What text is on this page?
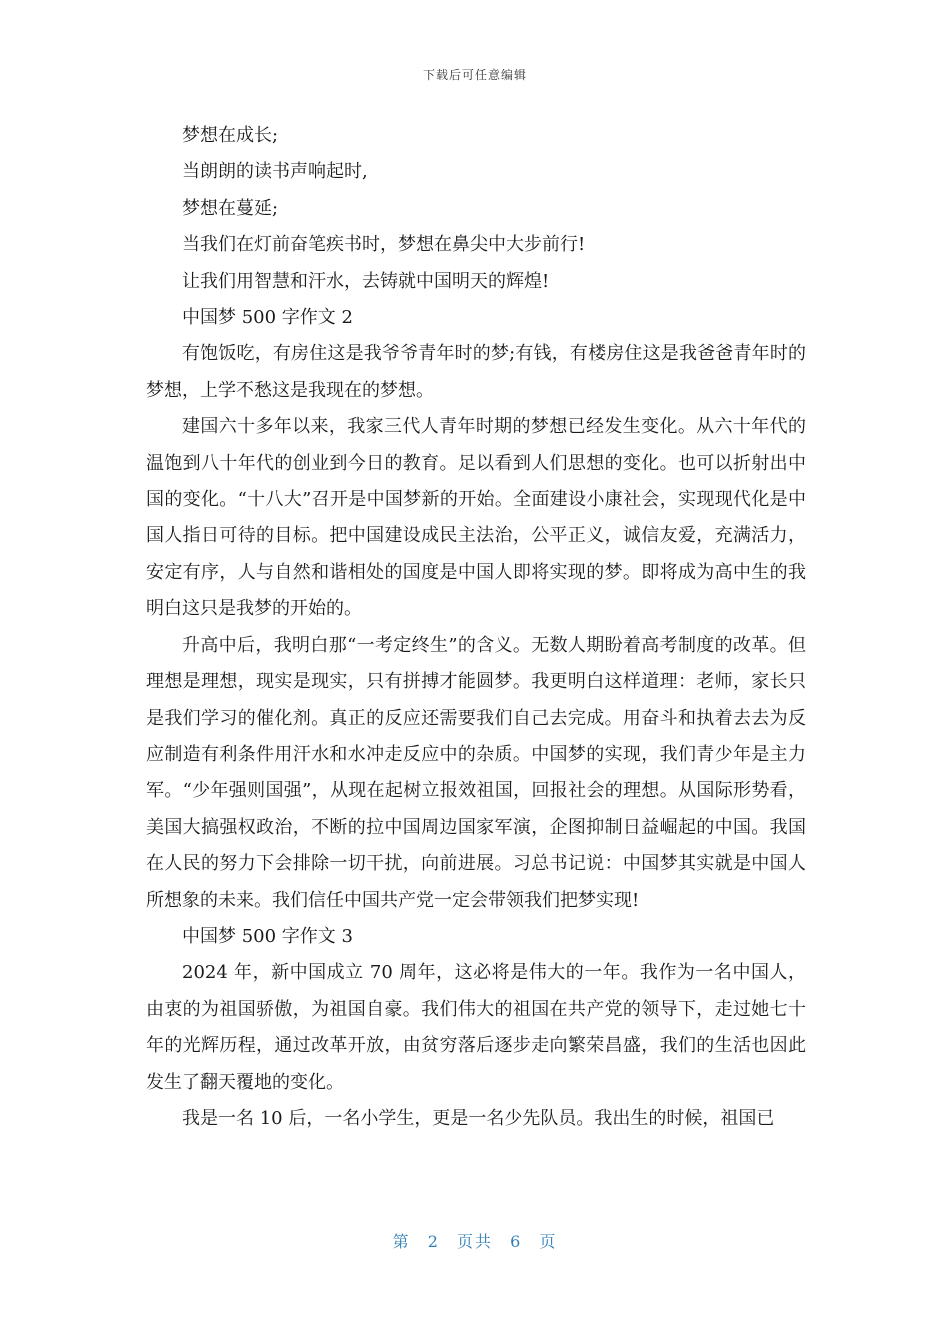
下载后可任意编辑

梦想在成长;

当朗朗的读书声响起时,

梦想在蔓延;

当我们在灯前奋笔疾书时，梦想在鼻尖中大步前行!

让我们用智慧和汗水，去铸就中国明天的辉煌!

中国梦 500 字作文 2

有饱饭吃，有房住这是我爷爷青年时的梦;有钱，有楼房住这是我爸爸青年时的梦想，上学不愁这是我现在的梦想。

建国六十多年以来，我家三代人青年时期的梦想已经发生变化。从六十年代的温饱到八十年代的创业到今日的教育。足以看到人们思想的变化。也可以折射出中国的变化。“十八大”召开是中国梦新的开始。全面建设小康社会，实现现代化是中国人指日可待的目标。把中国建设成民主法治，公平正义，诚信友爱，充满活力，安定有序，人与自然和谐相处的国度是中国人即将实现的梦。即将成为高中生的我明白这只是我梦的开始的。

升高中后，我明白那“一考定终生”的含义。无数人期盼着高考制度的改革。但理想是理想，现实是现实，只有拼搏才能圆梦。我更明白这样道理：老师，家长只是我们学习的催化剂。真正的反应还需要我们自己去完成。用奋斗和执着去去为反应制造有利条件用汗水和水冲走反应中的杂质。中国梦的实现，我们青少年是主力军。“少年强则国强”，从现在起树立报效祖国，回报社会的理想。从国际形势看，美国大搞强权政治，不断的拉中国周边国家军演，企图抑制日益崛起的中国。我国在人民的努力下会排除一切干扰，向前进展。习总书记说：中国梦其实就是中国人所想象的未来。我们信任中国共产党一定会带领我们把梦实现!

中国梦 500 字作文 3

2024 年，新中国成立 70 周年，这必将是伟大的一年。我作为一名中国人，由衷的为祖国骄傲，为祖国自豪。我们伟大的祖国在共产党的领导下，走过她七十年的光辉历程，通过改革开放，由贫穷落后逐步走向繁荣昌盛，我们的生活也因此发生了翻天覆地的变化。

我是一名 10 后，一名小学生，更是一名少先队员。我出生的时候，祖国已

第 2 页共 6 页
